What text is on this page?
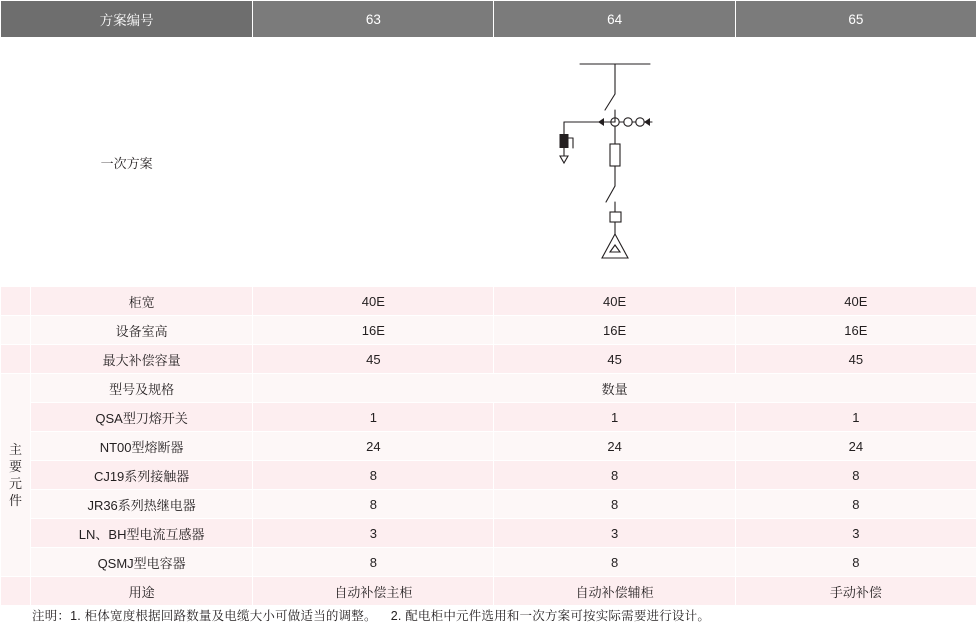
方案编号		63	64	65
一次方案		

	柜宽	40E	40E	40E
	设备室高	16E	16E	16E
	最大补偿容量	45	45	45

主
要
元
件	型号及规格	数量		
	QSA型刀熔开关	1	1	1
	NT00型熔断器	24	24	24
	CJ19系列接触器	8	8	8
	JR36系列热继电器	8	8	8
	LN、BH型电流互感器	3	3	3
	QSMJ型电容器	8	8	8
	用途	自动补偿主柜	自动补偿辅柜	手动补偿
注明：1. 柜体宽度根据回路数量及电缆大小可做适当的调整。 2. 配电柜中元件选用和一次方案可按实际需要进行设计。
